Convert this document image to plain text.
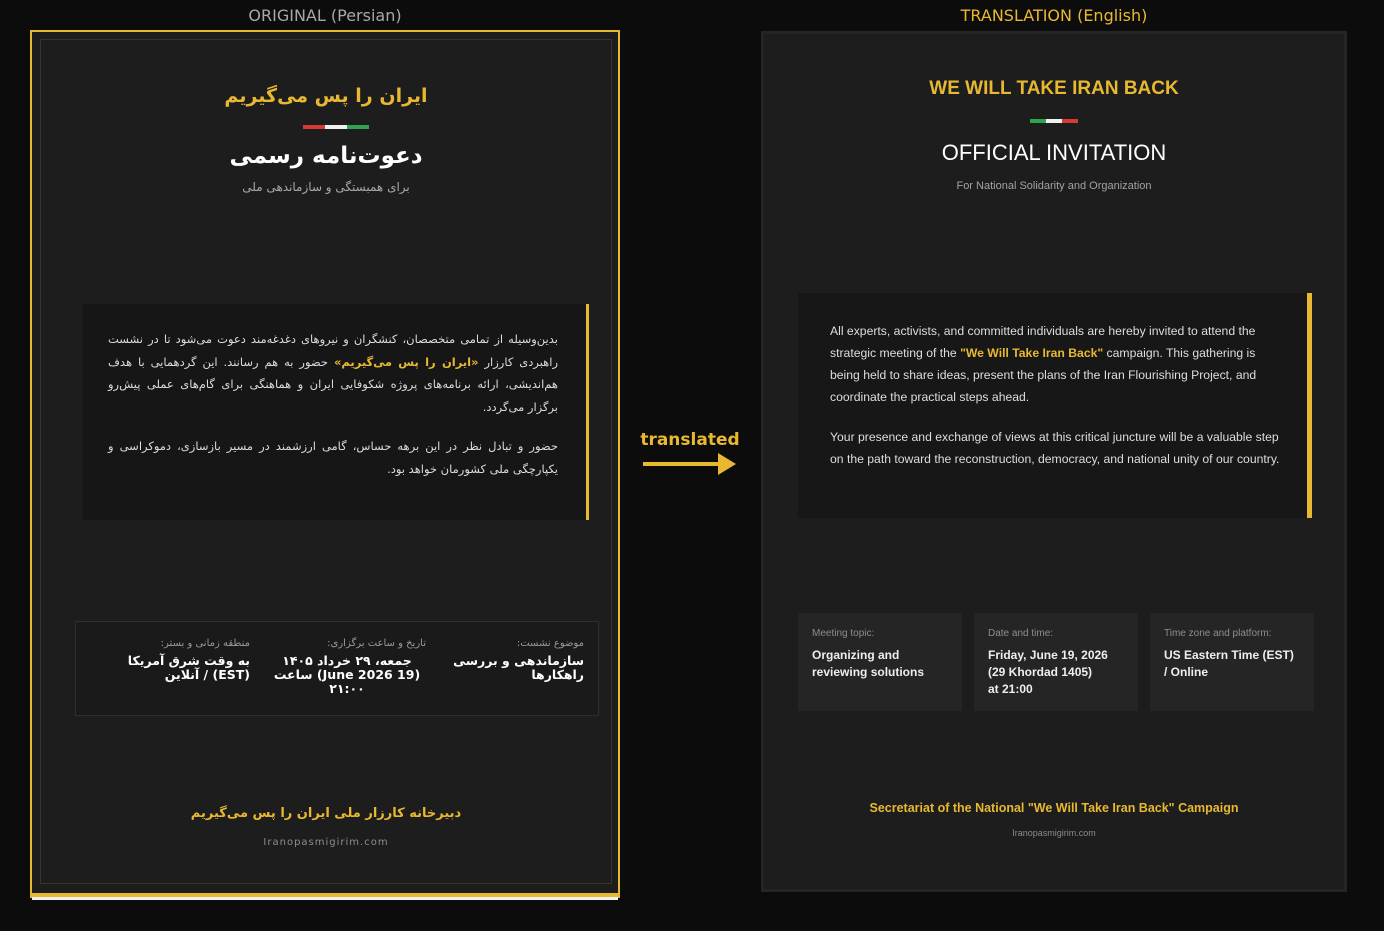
ORIGINAL (Persian)	TRANSLATION (English)
ایران را پس می‌گیریم
دعوت‌نامه رسمی
برای همبستگی و سازماندهی ملی

بدین‌وسیله از تمامی متخصصان، کنشگران و نیروهای دغدغه‌مند دعوت می‌شود تا در نشست راهبردی کارزار «ایران را پس می‌گیریم» حضور به هم رسانند. این گردهمایی با هدف هم‌اندیشی، ارائه برنامه‌های پروژه شکوفایی ایران و هماهنگی برای گام‌های عملی پیش‌رو برگزار می‌گردد.

حضور و تبادل نظر در این برهه حساس، گامی ارزشمند در مسیر بازسازی، دموکراسی و یکپارچگی ملی کشورمان خواهد بود.

موضوع نشست:
سازماندهی و بررسی راهکارها
تاریخ و ساعت برگزاری:
جمعه، ۲۹ خرداد ۱۴۰۵ (June 2026 19) ساعت ۲۱:۰۰
منطقه زمانی و بستر:
به وقت شرق آمریکا (EST) / آنلاین
دبیرخانه کارزار ملی ایران را پس می‌گیریم
Iranopasmigirim.com
translated
WE WILL TAKE IRAN BACK
OFFICIAL INVITATION
For National Solidarity and Organization

All experts, activists, and committed individuals are hereby invited to attend the strategic meeting of the "We Will Take Iran Back" campaign. This gathering is being held to share ideas, present the plans of the Iran Flourishing Project, and coordinate the practical steps ahead.

Your presence and exchange of views at this critical juncture will be a valuable step on the path toward the reconstruction, democracy, and national unity of our country.

Meeting topic:
Organizing and reviewing solutions
Date and time:
Friday, June 19, 2026
(29 Khordad 1405)
at 21:00
Time zone and platform:
US Eastern Time (EST) / Online
Secretariat of the National "We Will Take Iran Back" Campaign
Iranopasmigirim.com
